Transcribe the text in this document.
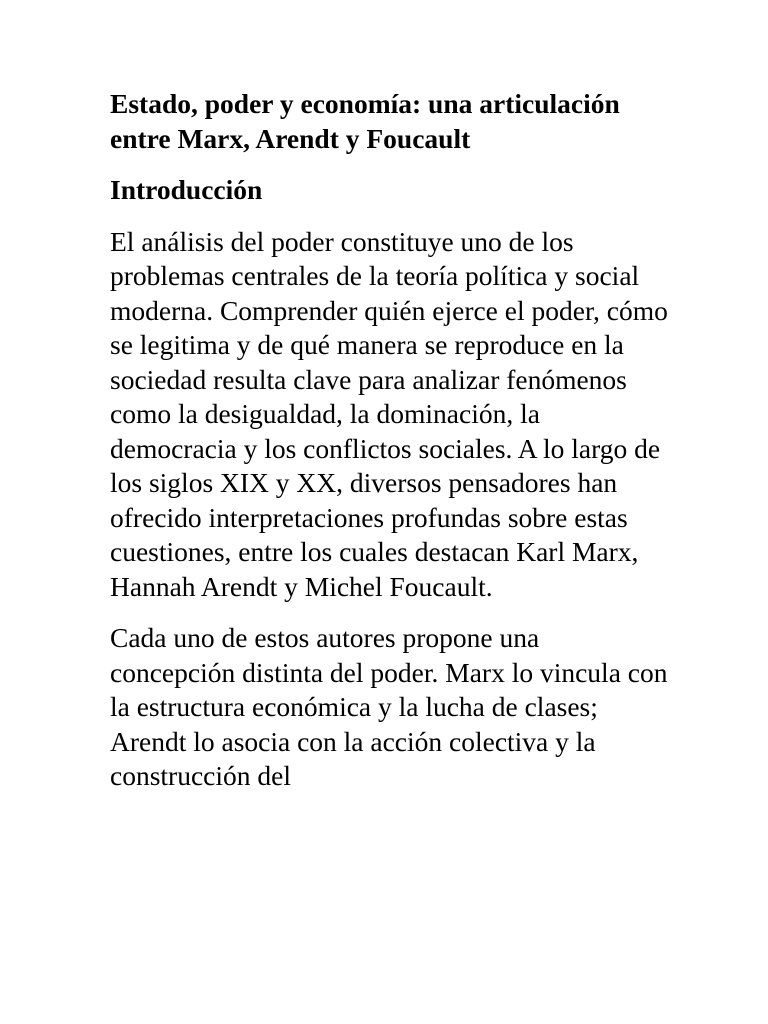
Estado, poder y economía: una articulación entre Marx, Arendt y Foucault
Introducción

El análisis del poder constituye uno de los problemas centrales de la teoría política y social moderna. Comprender quién ejerce el poder, cómo se legitima y de qué manera se reproduce en la sociedad resulta clave para analizar fenómenos como la desigualdad, la dominación, la democracia y los conflictos sociales. A lo largo de los siglos XIX y XX, diversos pensadores han ofrecido interpretaciones profundas sobre estas cuestiones, entre los cuales destacan Karl Marx, Hannah Arendt y Michel Foucault.

Cada uno de estos autores propone una concepción distinta del poder. Marx lo vincula con la estructura económica y la lucha de clases; Arendt lo asocia con la acción colectiva y la construcción del
